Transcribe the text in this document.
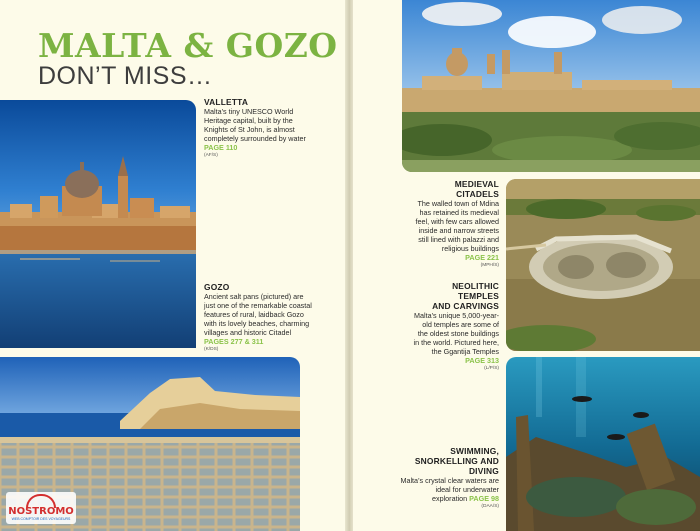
MALTA & GOZO
DON’T MISS…
VALLETTA
Malta’s tiny UNESCO World Heritage capital, built by the Knights of St John, is almost completely surrounded by water
PAGE 110
(AF/S)
GOZO
Ancient salt pans (pictured) are just one of the remarkable coastal features of rural, laidback Gozo with its lovely beaches, charming villages and historic Citadel
PAGES 277 & 311
(K/DS)
NOSTROMO
WEB COMPTOIR DES VOYAGEURS
MEDIEVAL CITADELS
The walled town of Mdina has retained its medieval feel, with few cars allowed inside and narrow streets still lined with palazzi and religious buildings
PAGE 221
(MPH/S)
NEOLITHIC TEMPLES
AND CARVINGS
Malta’s unique 5,000-year-old temples are some of the oldest stone buildings in the world. Pictured here, the Ggantija Temples PAGE 313
(L/P/S)
SWIMMING,
SNORKELLING AND DIVING
Malta’s crystal clear waters are ideal for underwater exploration PAGE 98
(DAA/S)
